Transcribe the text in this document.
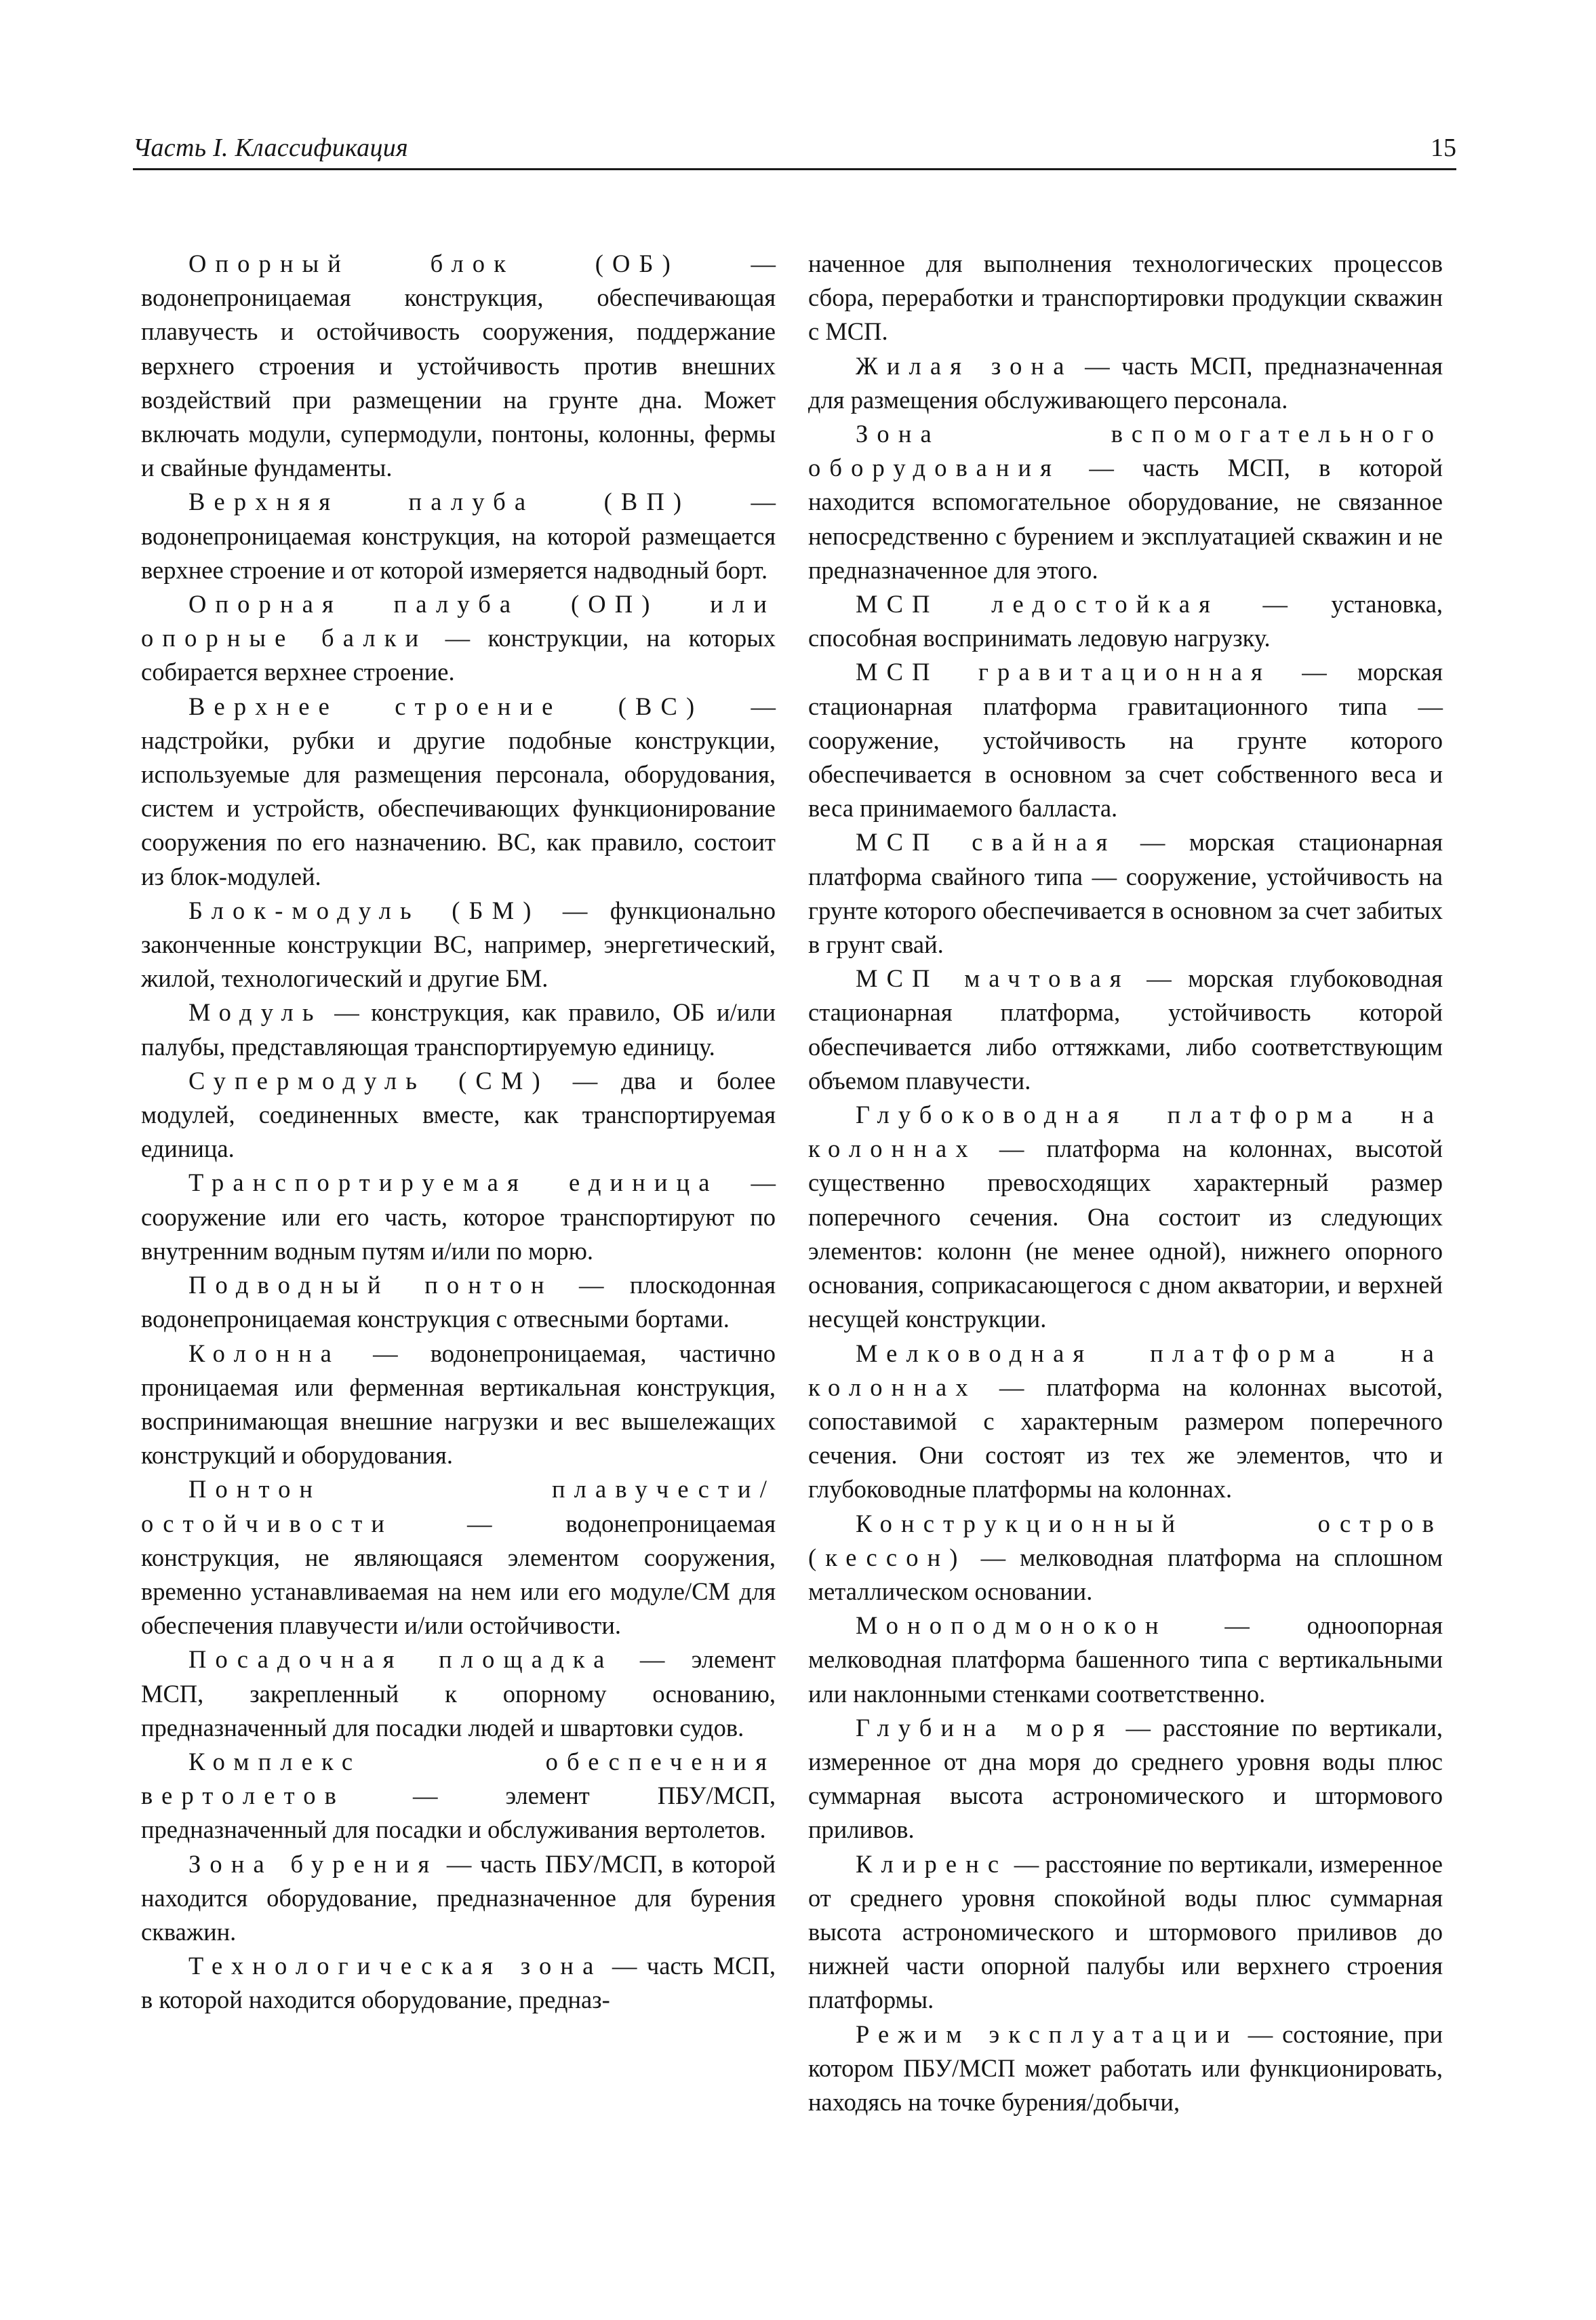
Часть I. Классификация	15

Опорный блок (ОБ) — водонепроницаемая конструкция, обеспечивающая плавучесть и остойчивость сооружения, поддержание верхнего строения и устойчивость против внешних воздействий при размещении на грунте дна. Может включать модули, супермодули, понтоны, колонны, фермы и свайные фундаменты.

Верхняя палуба (ВП) — водонепроницаемая конструкция, на которой размещается верхнее строение и от которой измеряется надводный борт.

Опорная палуба (ОП) или опорные балки — конструкции, на которых собирается верхнее строение.

Верхнее строение (ВС) — надстройки, рубки и другие подобные конструкции, используемые для размещения персонала, оборудования, систем и устройств, обеспечивающих функционирование сооружения по его назначению. ВС, как правило, состоит из блок-модулей.

Блок-модуль (БМ) — функционально законченные конструкции ВС, например, энергетический, жилой, технологический и другие БМ.

Модуль — конструкция, как правило, ОБ и/или палубы, представляющая транспортируемую единицу.

Супермодуль (СМ) — два и более модулей, соединенных вместе, как транспортируемая единица.

Транспортируемая единица — сооружение или его часть, которое транспортируют по внутренним водным путям и/или по морю.

Подводный понтон — плоскодонная водонепроницаемая конструкция с отвесными бортами.

Колонна — водонепроницаемая, частично проницаемая или ферменная вертикальная конструкция, воспринимающая внешние нагрузки и вес вышележащих конструкций и оборудования.

Понтон плавучести/остойчивости — водонепроницаемая конструкция, не являющаяся элементом сооружения, временно устанавливаемая на нем или его модуле/СМ для обеспечения плавучести и/или остойчивости.

Посадочная площадка — элемент МСП, закрепленный к опорному основанию, предназначенный для посадки людей и швартовки судов.

Комплекс обеспечения вертолетов — элемент ПБУ/МСП, предназначенный для посадки и обслуживания вертолетов.

Зона бурения — часть ПБУ/МСП, в которой находится оборудование, предназначенное для бурения скважин.

Технологическая зона — часть МСП, в которой находится оборудование, предназ-

наченное для выполнения технологических процессов сбора, переработки и транспортировки продукции скважин с МСП.

Жилая зона — часть МСП, предназначенная для размещения обслуживающего персонала.

Зона вспомогательного оборудования — часть МСП, в которой находится вспомогательное оборудование, не связанное непосредственно с бурением и эксплуатацией скважин и не предназначенное для этого.

МСП ледостойкая — установка, способная воспринимать ледовую нагрузку.

МСП гравитационная — морская стационарная платформа гравитационного типа — сооружение, устойчивость на грунте которого обеспечивается в основном за счет собственного веса и веса принимаемого балласта.

МСП свайная — морская стационарная платформа свайного типа — сооружение, устойчивость на грунте которого обеспечивается в основном за счет забитых в грунт свай.

МСП мачтовая — морская глубоководная стационарная платформа, устойчивость которой обеспечивается либо оттяжками, либо соответствующим объемом плавучести.

Глубоководная платформа на колоннах — платформа на колоннах, высотой существенно превосходящих характерный размер поперечного сечения. Она состоит из следующих элементов: колонн (не менее одной), нижнего опорного основания, соприкасающегося с дном акватории, и верхней несущей конструкции.

Мелководная платформа на колоннах — платформа на колоннах высотой, сопоставимой с характерным размером поперечного сечения. Они состоят из тех же элементов, что и глубоководные платформы на колоннах.

Конструкционный остров (кессон) — мелководная платформа на сплошном металлическом основании.

Моноподмонокон — одноопорная мелководная платформа башенного типа с вертикальными или наклонными стенками соответственно.

Глубина моря — расстояние по вертикали, измеренное от дна моря до среднего уровня воды плюс суммарная высота астрономического и штормового приливов.

Клиренс — расстояние по вертикали, измеренное от среднего уровня спокойной воды плюс суммарная высота астрономического и штормового приливов до нижней части опорной палубы или верхнего строения платформы.

Режим эксплуатации — состояние, при котором ПБУ/МСП может работать или функционировать, находясь на точке бурения/добычи,
